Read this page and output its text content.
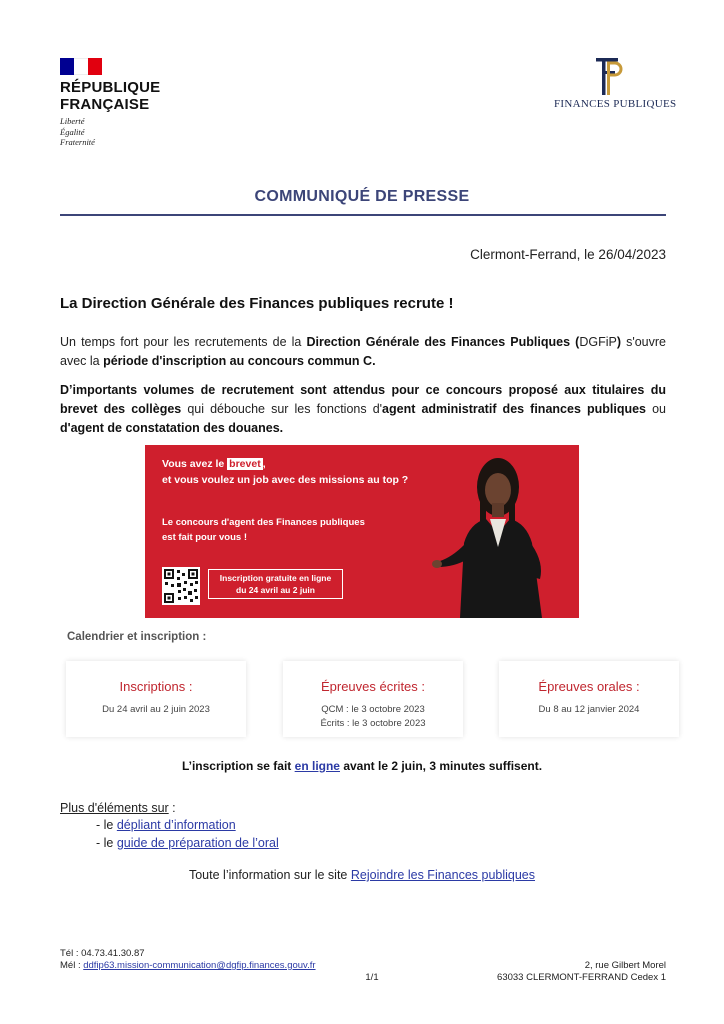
RÉPUBLIQUE
FRANÇAISE
Liberté
Égalité
Fraternité
FINANCES PUBLIQUES
COMMUNIQUÉ DE PRESSE
Clermont-Ferrand, le 26/04/2023
La Direction Générale des Finances publiques recrute !
Un temps fort pour les recrutements de la Direction Générale des Finances Publiques (DGFiP) s'ouvre avec la période d'inscription au concours commun C.
D’importants volumes de recrutement sont attendus pour ce concours proposé aux titulaires du brevet des collèges qui débouche sur les fonctions d'agent administratif des finances publiques ou d'agent de constatation des douanes.
Vous avez le brevet ,
et vous voulez un job avec des missions au top ?
Le concours d'agent des Finances publiques
est fait pour vous !
Inscription gratuite en ligne
du 24 avril au 2 juin
Calendrier et inscription :
Inscriptions :
Du 24 avril au 2 juin 2023
Épreuves écrites :
QCM : le 3 octobre 2023
Écrits : le 3 octobre 2023
Épreuves orales :
Du 8 au 12 janvier 2024
L’inscription se fait en ligne avant le 2 juin, 3 minutes suffisent.
Plus d'éléments sur :
- le dépliant d’information
- le guide de préparation de l’oral
Toute l’information sur le site Rejoindre les Finances publiques
Tél : 04.73.41.30.87
Mél : ddfip63.mission-communication@dgfip.finances.gouv.fr
1/1
2, rue Gilbert Morel
63033 CLERMONT-FERRAND Cedex 1
